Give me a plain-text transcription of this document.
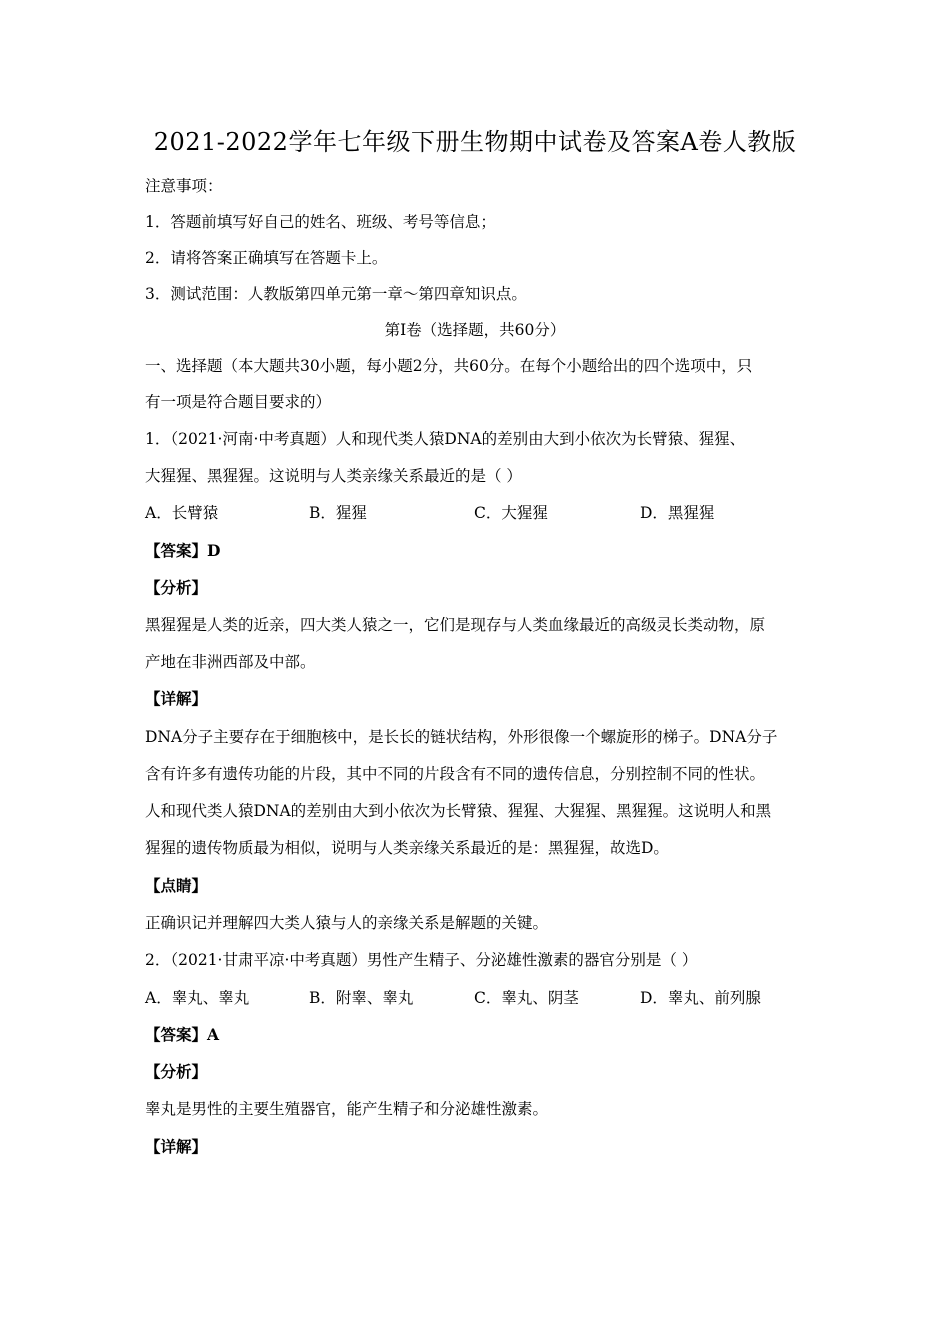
2021-2022学年七年级下册生物期中试卷及答案A卷人教版
注意事项：
1．答题前填写好自己的姓名、班级、考号等信息；
2．请将答案正确填写在答题卡上。
3．测试范围：人教版第四单元第一章～第四章知识点。
第I卷（选择题，共60分）
一、选择题（本大题共30小题，每小题2分，共60分。在每个小题给出的四个选项中，只
有一项是符合题目要求的）
1．（2021·河南·中考真题）人和现代类人猿DNA的差别由大到小依次为长臂猿、猩猩、
大猩猩、黑猩猩。这说明与人类亲缘关系最近的是（ ）
A．长臂猿	B．猩猩	C．大猩猩	D．黑猩猩
【答案】D
【分析】
黑猩猩是人类的近亲，四大类人猿之一，它们是现存与人类血缘最近的高级灵长类动物，原
产地在非洲西部及中部。
【详解】
DNA分子主要存在于细胞核中，是长长的链状结构，外形很像一个螺旋形的梯子。DNA分子
含有许多有遗传功能的片段，其中不同的片段含有不同的遗传信息，分别控制不同的性状。
人和现代类人猿DNA的差别由大到小依次为长臂猿、猩猩、大猩猩、黑猩猩。这说明人和黑
猩猩的遗传物质最为相似，说明与人类亲缘关系最近的是：黑猩猩，故选D。
【点睛】
正确识记并理解四大类人猿与人的亲缘关系是解题的关键。
2．（2021·甘肃平凉·中考真题）男性产生精子、分泌雄性激素的器官分别是（ ）
A．睾丸、睾丸	B．附睾、睾丸	C．睾丸、阴茎	D．睾丸、前列腺
【答案】A
【分析】
睾丸是男性的主要生殖器官，能产生精子和分泌雄性激素。
【详解】
